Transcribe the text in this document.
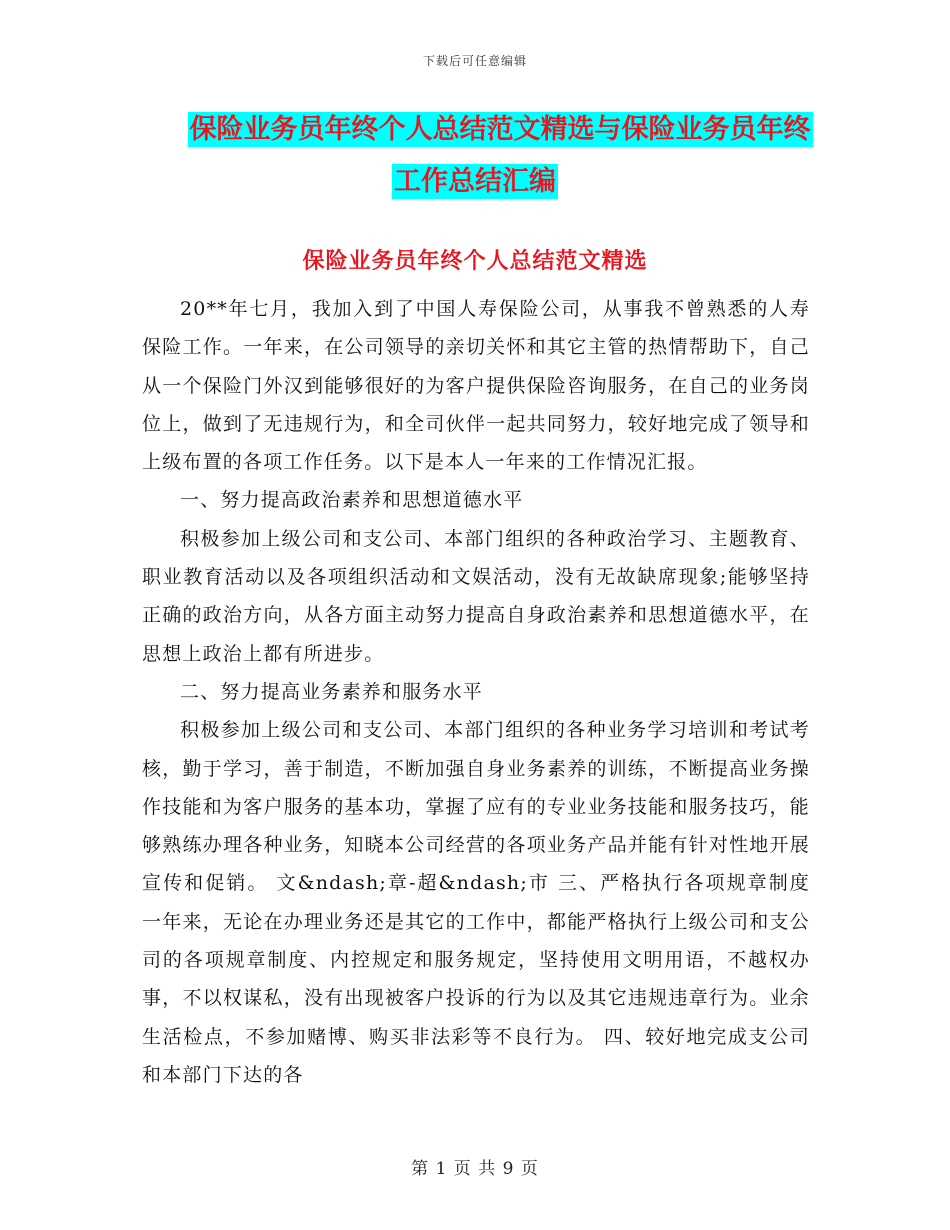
下载后可任意编辑
保险业务员年终个人总结范文精选与保险业务员年终
工作总结汇编
保险业务员年终个人总结范文精选

20**年七月，我加入到了中国人寿保险公司，从事我不曾熟悉的人寿保险工作。一年来，在公司领导的亲切关怀和其它主管的热情帮助下，自己从一个保险门外汉到能够很好的为客户提供保险咨询服务，在自己的业务岗位上，做到了无违规行为，和全司伙伴一起共同努力，较好地完成了领导和上级布置的各项工作任务。以下是本人一年来的工作情况汇报。

一、努力提高政治素养和思想道德水平

积极参加上级公司和支公司、本部门组织的各种政治学习、主题教育、职业教育活动以及各项组织活动和文娱活动，没有无故缺席现象;能够坚持正确的政治方向，从各方面主动努力提高自身政治素养和思想道德水平，在思想上政治上都有所进步。

二、努力提高业务素养和服务水平

积极参加上级公司和支公司、本部门组织的各种业务学习培训和考试考核，勤于学习，善于制造，不断加强自身业务素养的训练，不断提高业务操作技能和为客户服务的基本功，掌握了应有的专业业务技能和服务技巧，能够熟练办理各种业务，知晓本公司经营的各项业务产品并能有针对性地开展宣传和促销。 文&ndash;章-超&ndash;市 三、严格执行各项规章制度 一年来，无论在办理业务还是其它的工作中，都能严格执行上级公司和支公司的各项规章制度、内控规定和服务规定，坚持使用文明用语，不越权办事，不以权谋私，没有出现被客户投诉的行为以及其它违规违章行为。业余生活检点，不参加赌博、购买非法彩等不良行为。 四、较好地完成支公司和本部门下达的各

第 1 页 共 9 页
